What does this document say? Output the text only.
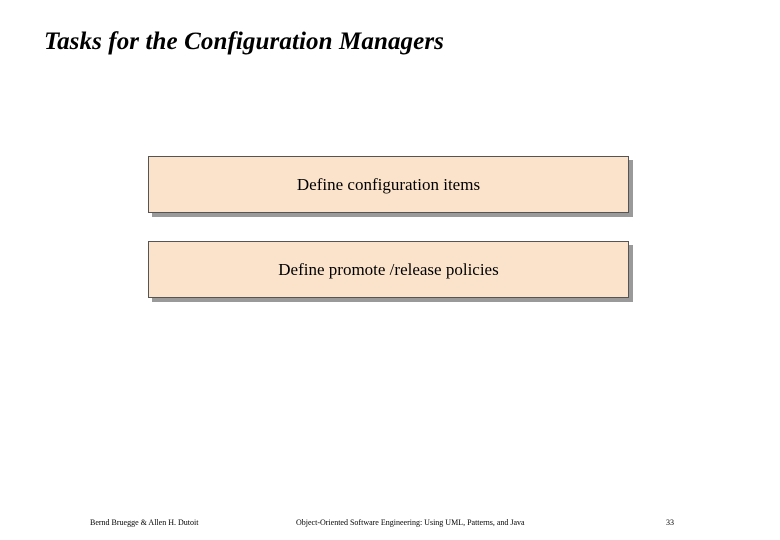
Tasks for the Configuration Managers
Define configuration items
Define promote /release policies
Bernd Bruegge & Allen H. Dutoit	Object-Oriented Software Engineering: Using UML, Patterns, and Java	33
